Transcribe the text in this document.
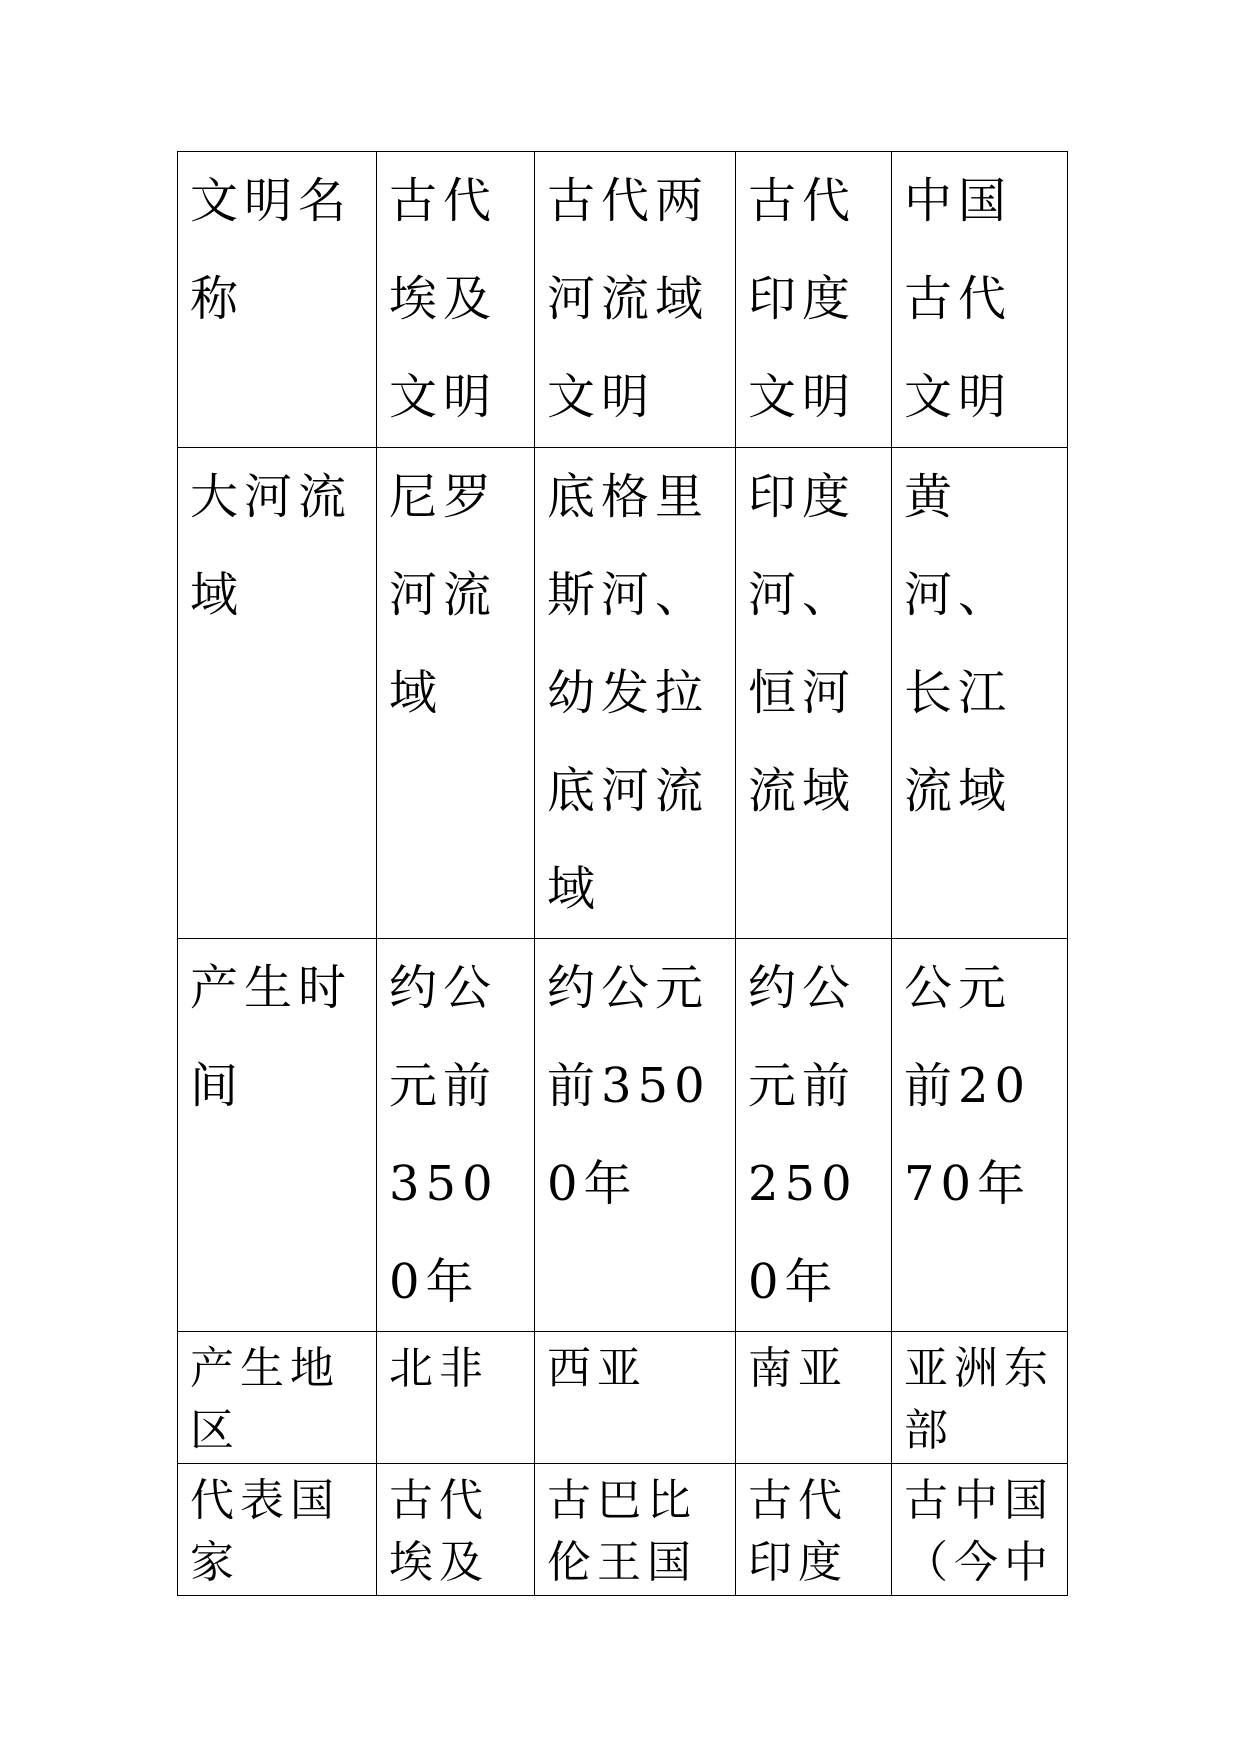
文明名称	古代埃及文明	古代两河流域文明	古代印度文明	中国古代文明
大河流域	尼罗河流域	底格里斯河、幼发拉底河流域	印度河、恒河流域	黄河、长江流域
产生时间	约公元前3500年	约公元前3500年	约公元前2500年	公元前2070年
产生地区	北非	西亚	南亚	亚洲东部
代表国家	古代埃及	古巴比伦王国	古代印度	古中国（今中
